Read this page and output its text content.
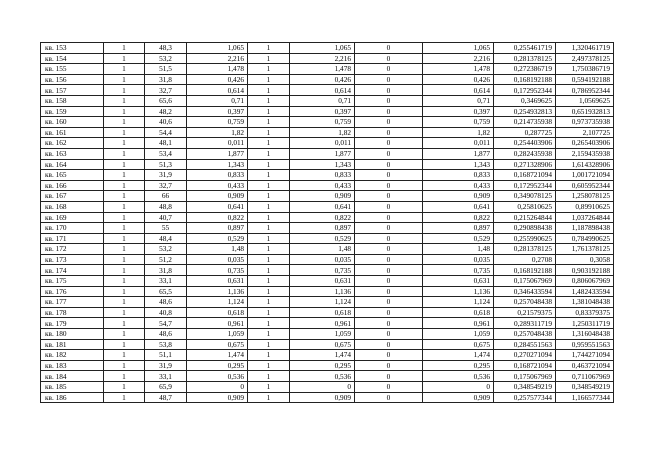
кв. 153	1	48,3	1,065	1	1,065	0	1,065	0,255461719	1,320461719
кв. 154	1	53,2	2,216	1	2,216	0	2,216	0,281378125	2,497378125
кв. 155	1	51,5	1,478	1	1,478	0	1,478	0,272386719	1,750386719
кв. 156	1	31,8	0,426	1	0,426	0	0,426	0,168192188	0,594192188
кв. 157	1	32,7	0,614	1	0,614	0	0,614	0,172952344	0,786952344
кв. 158	1	65,6	0,71	1	0,71	0	0,71	0,3469625	1,0569625
кв. 159	1	48,2	0,397	1	0,397	0	0,397	0,254932813	0,651932813
кв. 160	1	40,6	0,759	1	0,759	0	0,759	0,214735938	0,973735938
кв. 161	1	54,4	1,82	1	1,82	0	1,82	0,287725	2,107725
кв. 162	1	48,1	0,011	1	0,011	0	0,011	0,254403906	0,265403906
кв. 163	1	53,4	1,877	1	1,877	0	1,877	0,282435938	2,159435938
кв. 164	1	51,3	1,343	1	1,343	0	1,343	0,271328906	1,614328906
кв. 165	1	31,9	0,833	1	0,833	0	0,833	0,168721094	1,001721094
кв. 166	1	32,7	0,433	1	0,433	0	0,433	0,172952344	0,605952344
кв. 167	1	66	0,909	1	0,909	0	0,909	0,349078125	1,258078125
кв. 168	1	48,8	0,641	1	0,641	0	0,641	0,25810625	0,89910625
кв. 169	1	40,7	0,822	1	0,822	0	0,822	0,215264844	1,037264844
кв. 170	1	55	0,897	1	0,897	0	0,897	0,290898438	1,187898438
кв. 171	1	48,4	0,529	1	0,529	0	0,529	0,255990625	0,784990625
кв. 172	1	53,2	1,48	1	1,48	0	1,48	0,281378125	1,761378125
кв. 173	1	51,2	0,035	1	0,035	0	0,035	0,2708	0,3058
кв. 174	1	31,8	0,735	1	0,735	0	0,735	0,168192188	0,903192188
кв. 175	1	33,1	0,631	1	0,631	0	0,631	0,175067969	0,806067969
кв. 176	1	65,5	1,136	1	1,136	0	1,136	0,346433594	1,482433594
кв. 177	1	48,6	1,124	1	1,124	0	1,124	0,257048438	1,381048438
кв. 178	1	40,8	0,618	1	0,618	0	0,618	0,21579375	0,83379375
кв. 179	1	54,7	0,961	1	0,961	0	0,961	0,289311719	1,250311719
кв. 180	1	48,6	1,059	1	1,059	0	1,059	0,257048438	1,316048438
кв. 181	1	53,8	0,675	1	0,675	0	0,675	0,284551563	0,959551563
кв. 182	1	51,1	1,474	1	1,474	0	1,474	0,270271094	1,744271094
кв. 183	1	31,9	0,295	1	0,295	0	0,295	0,168721094	0,463721094
кв. 184	1	33,1	0,536	1	0,536	0	0,536	0,175067969	0,711067969
кв. 185	1	65,9	0	1	0	0	0	0,348549219	0,348549219
кв. 186	1	48,7	0,909	1	0,909	0	0,909	0,257577344	1,166577344
